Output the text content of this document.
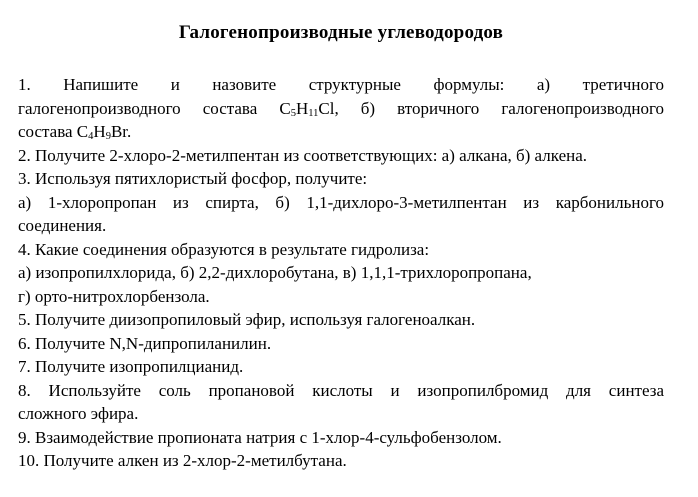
Галогенопроизводные углеводородов
1. Напишите и назовите структурные формулы: а) третичного
галогенопроизводного состава $C_5H_{11}Cl$, б) вторичного галогенопроизводного
состава $C_4H_9Br$.
2. Получите 2-хлоро-2-метилпентан из соответствующих: а) алкана, б) алкена.
3. Используя пятихлористый фосфор, получите:
а) 1-хлоропропан из спирта, б) 1,1-дихлоро-3-метилпентан из карбонильного
соединения.
4. Какие соединения образуются в результате гидролиза:
а) изопропилхлорида, б) 2,2-дихлоробутана, в) 1,1,1-трихлоропропана,
г) орто-нитрохлорбензола.
5. Получите диизопропиловый эфир, используя галогеноалкан.
6. Получите N,N-дипропиланилин.
7. Получите изопропилцианид.
8. Используйте соль пропановой кислоты и изопропилбромид для синтеза
сложного эфира.
9. Взаимодействие пропионата натрия с 1-хлор-4-сульфобензолом.
10. Получите алкен из 2-хлор-2-метилбутана.
